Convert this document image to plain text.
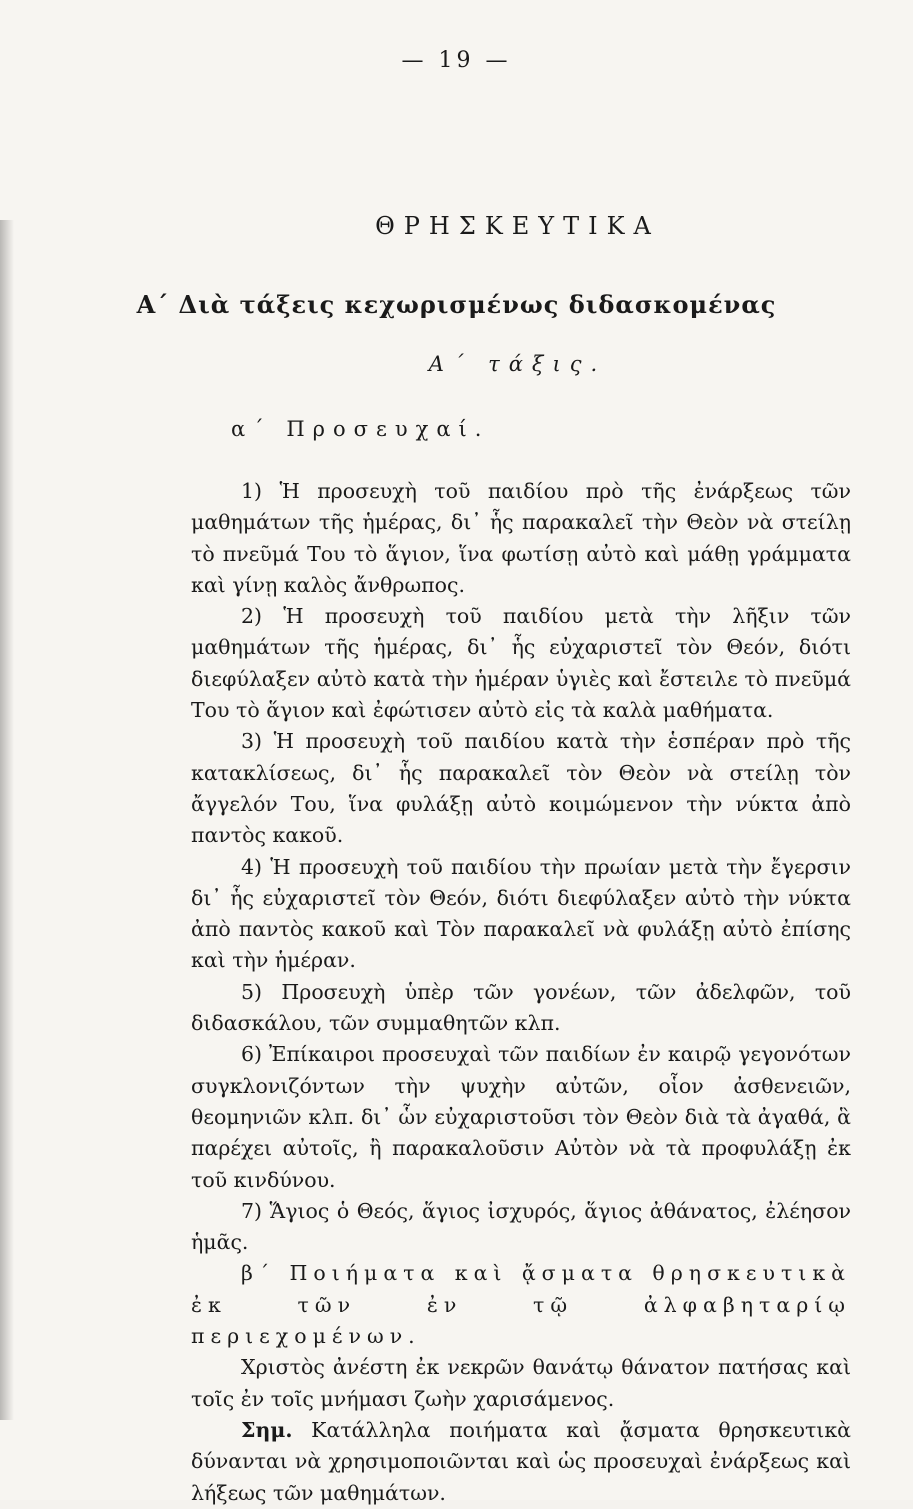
— 19 —
ΘΡΗΣΚΕΥΤΙΚΑ
Α΄ Διὰ τάξεις κεχωρισμένως διδασκομένας
Α΄ τάξις.
α΄ Προσευχαί.

1) Ἡ προσευχὴ τοῦ παιδίου πρὸ τῆς ἐνάρξεως τῶν μαθημάτων τῆς ἡμέρας, δι᾽ ἧς παρακαλεῖ τὴν Θεὸν νὰ στείλῃ τὸ πνεῦμά Του τὸ ἅγιον, ἵνα φωτίσῃ αὐτὸ καὶ μάθῃ γράμματα καὶ γίνῃ καλὸς ἄνθρωπος.

2) Ἡ προσευχὴ τοῦ παιδίου μετὰ τὴν λῆξιν τῶν μαθημάτων τῆς ἡμέρας, δι᾽ ἧς εὐχαριστεῖ τὸν Θεόν, διότι διεφύλαξεν αὐτὸ κατὰ τὴν ἡμέραν ὑγιὲς καὶ ἔστειλε τὸ πνεῦμά Του τὸ ἅγιον καὶ ἐφώτισεν αὐτὸ εἰς τὰ καλὰ μαθήματα.

3) Ἡ προσευχὴ τοῦ παιδίου κατὰ τὴν ἑσπέραν πρὸ τῆς κατακλίσεως, δι᾽ ἧς παρακαλεῖ τὸν Θεὸν νὰ στείλῃ τὸν ἄγγελόν Του, ἵνα φυλάξῃ αὐτὸ κοιμώμενον τὴν νύκτα ἀπὸ παντὸς κακοῦ.

4) Ἡ προσευχὴ τοῦ παιδίου τὴν πρωίαν μετὰ τὴν ἔγερσιν δι᾽ ἧς εὐχαριστεῖ τὸν Θεόν, διότι διεφύλαξεν αὐτὸ τὴν νύκτα ἀπὸ παντὸς κακοῦ καὶ Τὸν παρακαλεῖ νὰ φυλάξῃ αὐτὸ ἐπίσης καὶ τὴν ἡμέραν.

5) Προσευχὴ ὑπὲρ τῶν γονέων, τῶν ἀδελφῶν, τοῦ διδασκάλου, τῶν συμμαθητῶν κλπ.

6) Ἐπίκαιροι προσευχαὶ τῶν παιδίων ἐν καιρῷ γεγονότων συγκλονιζόντων τὴν ψυχὴν αὐτῶν, οἷον ἀσθενειῶν, θεομηνιῶν κλπ. δι᾽ ὧν εὐχαριστοῦσι τὸν Θεὸν διὰ τὰ ἀγαθά, ἃ παρέχει αὐτοῖς, ἢ παρακαλοῦσιν Αὐτὸν νὰ τὰ προφυλάξῃ ἐκ τοῦ κινδύνου.

7) Ἅγιος ὁ Θεός, ἅγιος ἰσχυρός, ἅγιος ἀθάνατος, ἐλέησον ἡμᾶς.

β΄ Ποιήματα καὶ ᾄσματα θρησκευτικὰ ἐκ τῶν ἐν τῷ ἀλφαβηταρίῳ περιεχομένων.

Χριστὸς ἀνέστη ἐκ νεκρῶν θανάτῳ θάνατον πατήσας καὶ τοῖς ἐν τοῖς μνήμασι ζωὴν χαρισάμενος.

Σημ. Κατάλληλα ποιήματα καὶ ᾄσματα θρησκευτικὰ δύνανται νὰ χρησιμοποιῶνται καὶ ὡς προσευχαὶ ἐνάρξεως καὶ λήξεως τῶν μαθημάτων.
